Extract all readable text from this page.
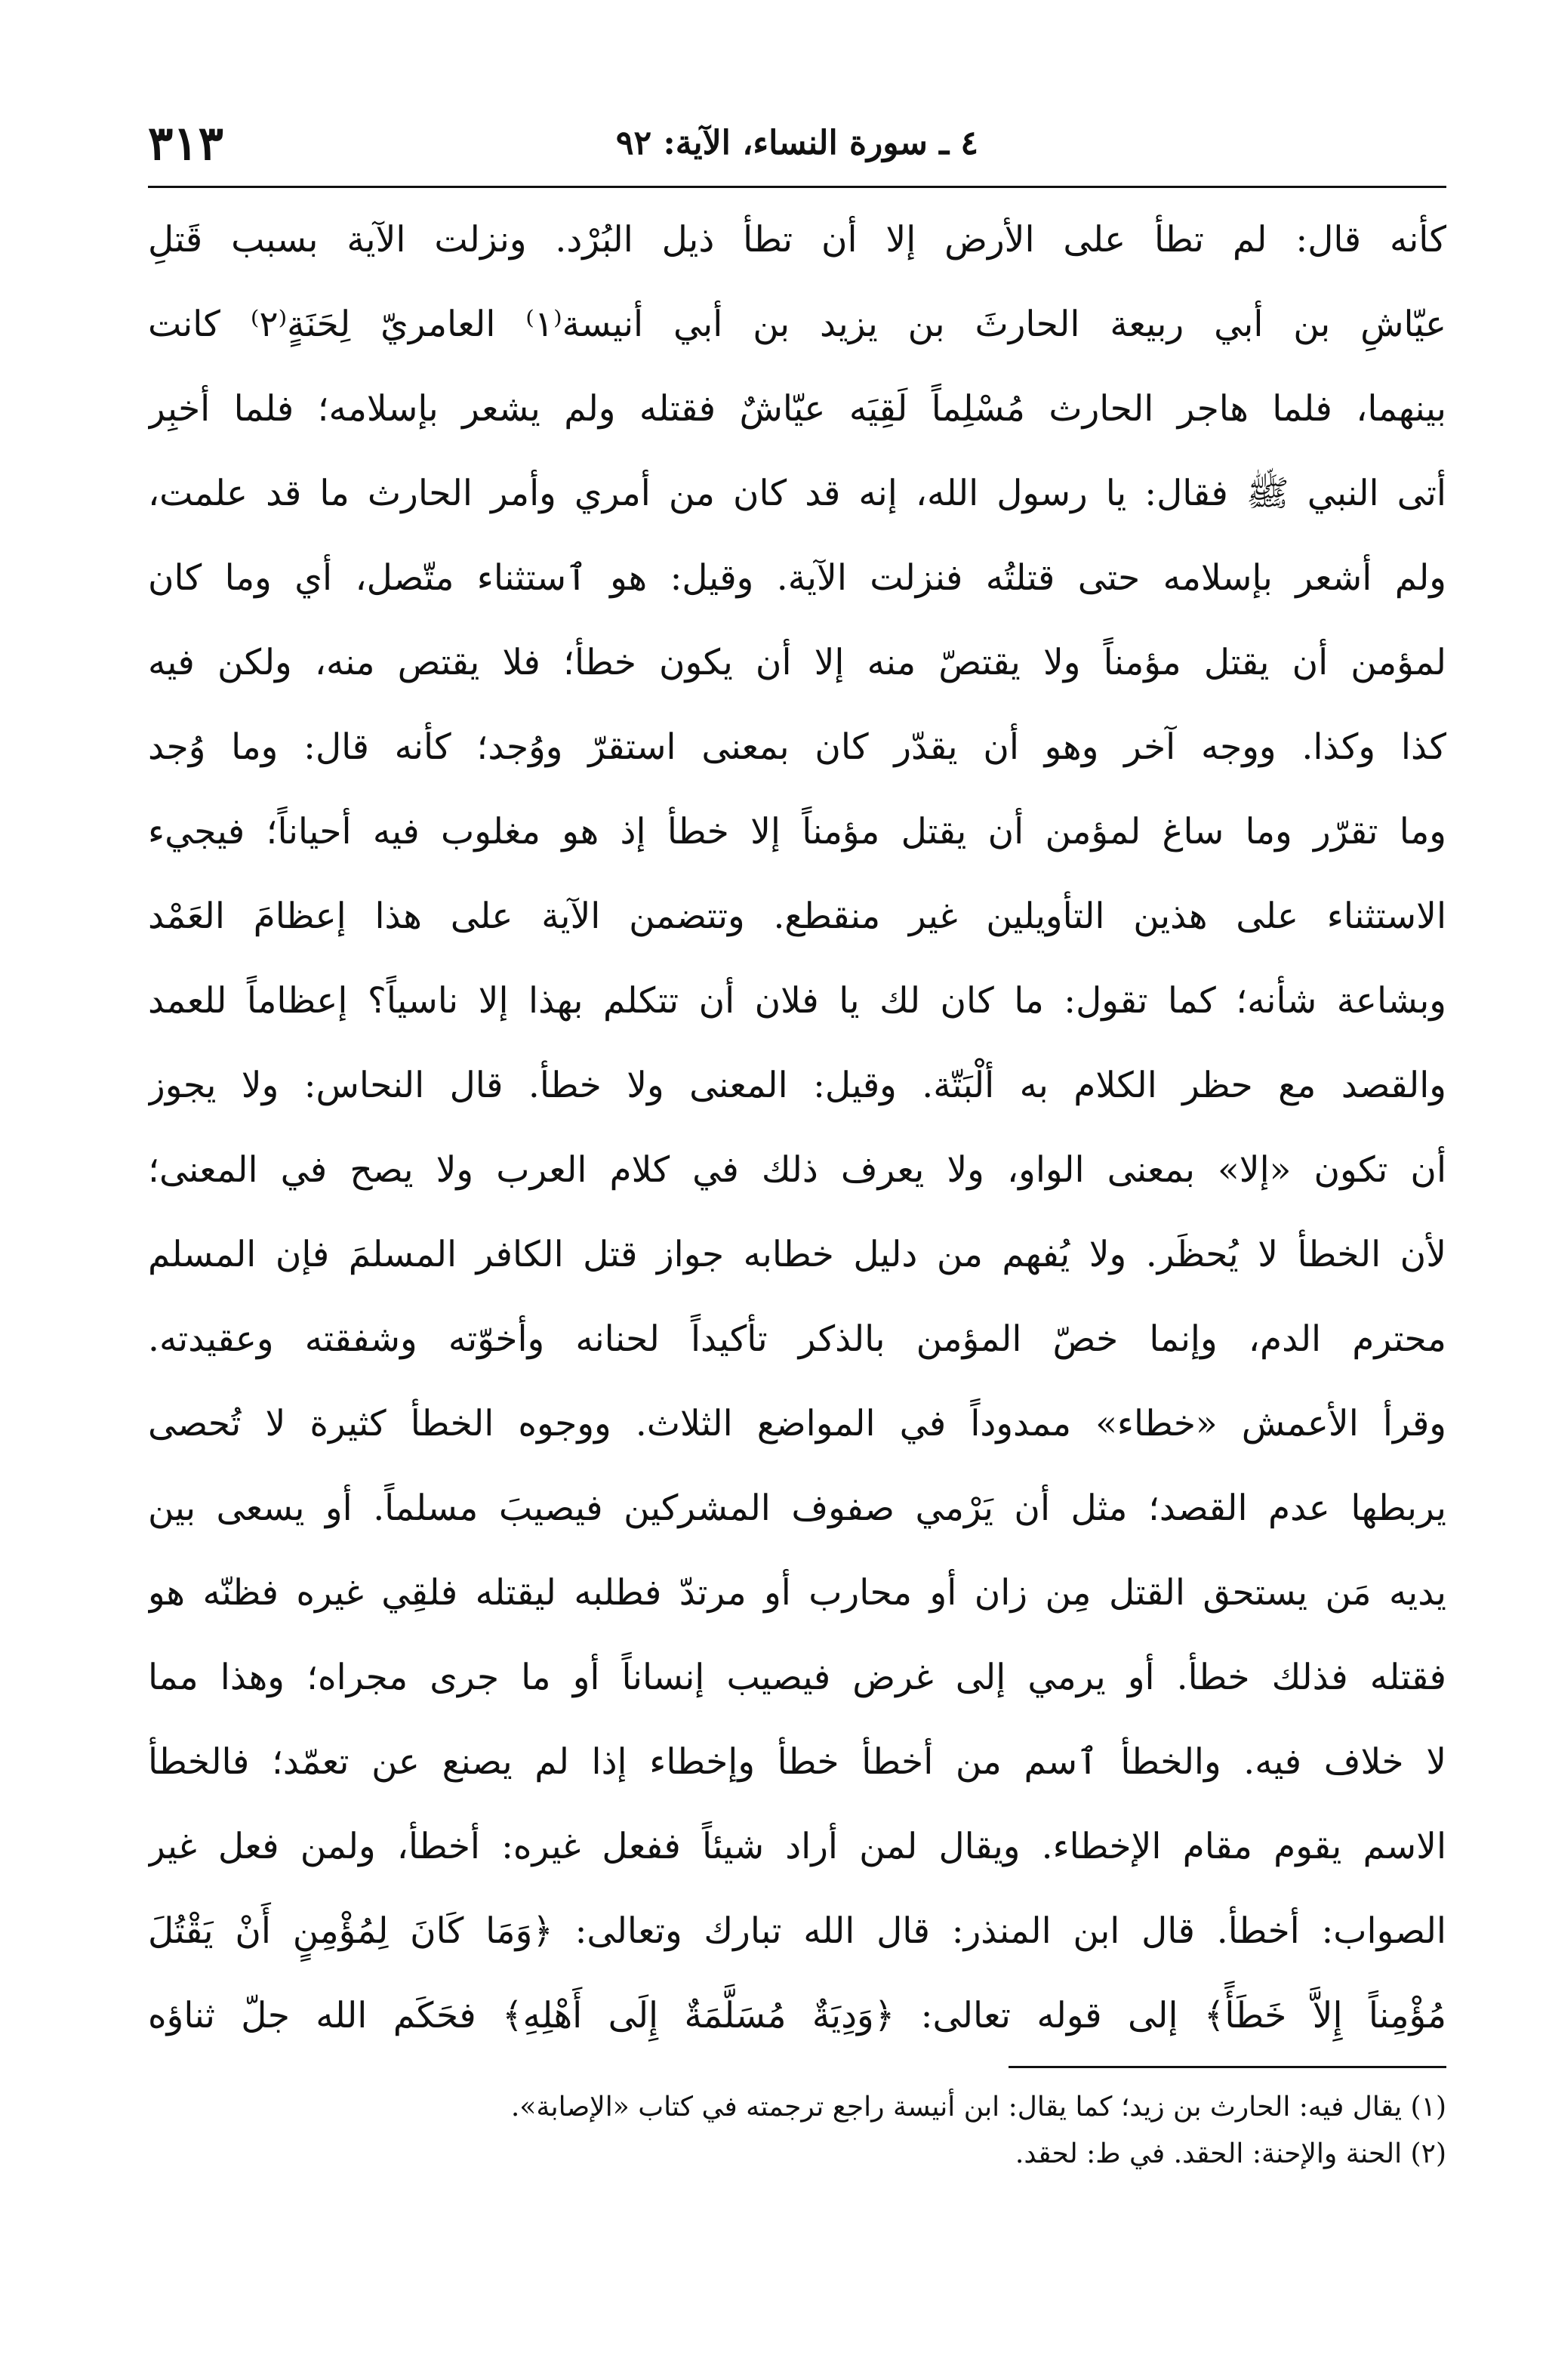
٣١٣	٤ ـ سورة النساء، الآية: ٩٢
كأنه قال: لم تطأ على الأرض إلا أن تطأ ذيل البُرْد. ونزلت الآية بسبب قَتلِ
عيّاشِ بن أبي ربيعة الحارثَ بن يزيد بن أبي أنيسة⁽١⁾ العامريّ لِحَنَةٍ⁽٢⁾ كانت
بينهما، فلما هاجر الحارث مُسْلِماً لَقِيَه عيّاشٌ فقتله ولم يشعر بإسلامه؛ فلما أخبِر
أتى النبي ﷺ فقال: يا رسول الله، إنه قد كان من أمري وأمر الحارث ما قد علمت،
ولم أشعر بإسلامه حتى قتلتُه فنزلت الآية. وقيل: هو ٱستثناء متّصل، أي وما كان
لمؤمن أن يقتل مؤمناً ولا يقتصّ منه إلا أن يكون خطأ؛ فلا يقتص منه، ولكن فيه
كذا وكذا. ووجه آخر وهو أن يقدّر كان بمعنى استقرّ ووُجد؛ كأنه قال: وما وُجد
وما تقرّر وما ساغ لمؤمن أن يقتل مؤمناً إلا خطأ إذ هو مغلوب فيه أحياناً؛ فيجيء
الاستثناء على هذين التأويلين غير منقطع. وتتضمن الآية على هذا إعظامَ العَمْد
وبشاعة شأنه؛ كما تقول: ما كان لك يا فلان أن تتكلم بهذا إلا ناسياً؟ إعظاماً للعمد
والقصد مع حظر الكلام به ألْبَتّة. وقيل: المعنى ولا خطأ. قال النحاس: ولا يجوز
أن تكون «إلا» بمعنى الواو، ولا يعرف ذلك في كلام العرب ولا يصح في المعنى؛
لأن الخطأ لا يُحظَر. ولا يُفهم من دليل خطابه جواز قتل الكافر المسلمَ فإن المسلم
محترم الدم، وإنما خصّ المؤمن بالذكر تأكيداً لحنانه وأخوّته وشفقته وعقيدته.
وقرأ الأعمش «خطاء» ممدوداً في المواضع الثلاث. ووجوه الخطأ كثيرة لا تُحصى
يربطها عدم القصد؛ مثل أن يَرْمي صفوف المشركين فيصيبَ مسلماً. أو يسعى بين
يديه مَن يستحق القتل مِن زان أو محارب أو مرتدّ فطلبه ليقتله فلقِي غيره فظنّه هو
فقتله فذلك خطأ. أو يرمي إلى غرض فيصيب إنساناً أو ما جرى مجراه؛ وهذا مما
لا خلاف فيه. والخطأ ٱسم من أخطأ خطأ وإخطاء إذا لم يصنع عن تعمّد؛ فالخطأ
الاسم يقوم مقام الإخطاء. ويقال لمن أراد شيئاً ففعل غيره: أخطأ، ولمن فعل غير
الصواب: أخطأ. قال ابن المنذر: قال الله تبارك وتعالى: ﴿وَمَا كَانَ لِمُؤْمِنٍ أَنْ يَقْتُلَ
مُؤْمِناً إِلاَّ خَطَأً﴾ إلى قوله تعالى: ﴿وَدِيَةٌ مُسَلَّمَةٌ إِلَى أَهْلِهِ﴾ فحَكَم الله جلّ ثناؤه
(١) يقال فيه: الحارث بن زيد؛ كما يقال: ابن أنيسة راجع ترجمته في كتاب «الإصابة».
(٢) الحنة والإحنة: الحقد. في ط: لحقد.
